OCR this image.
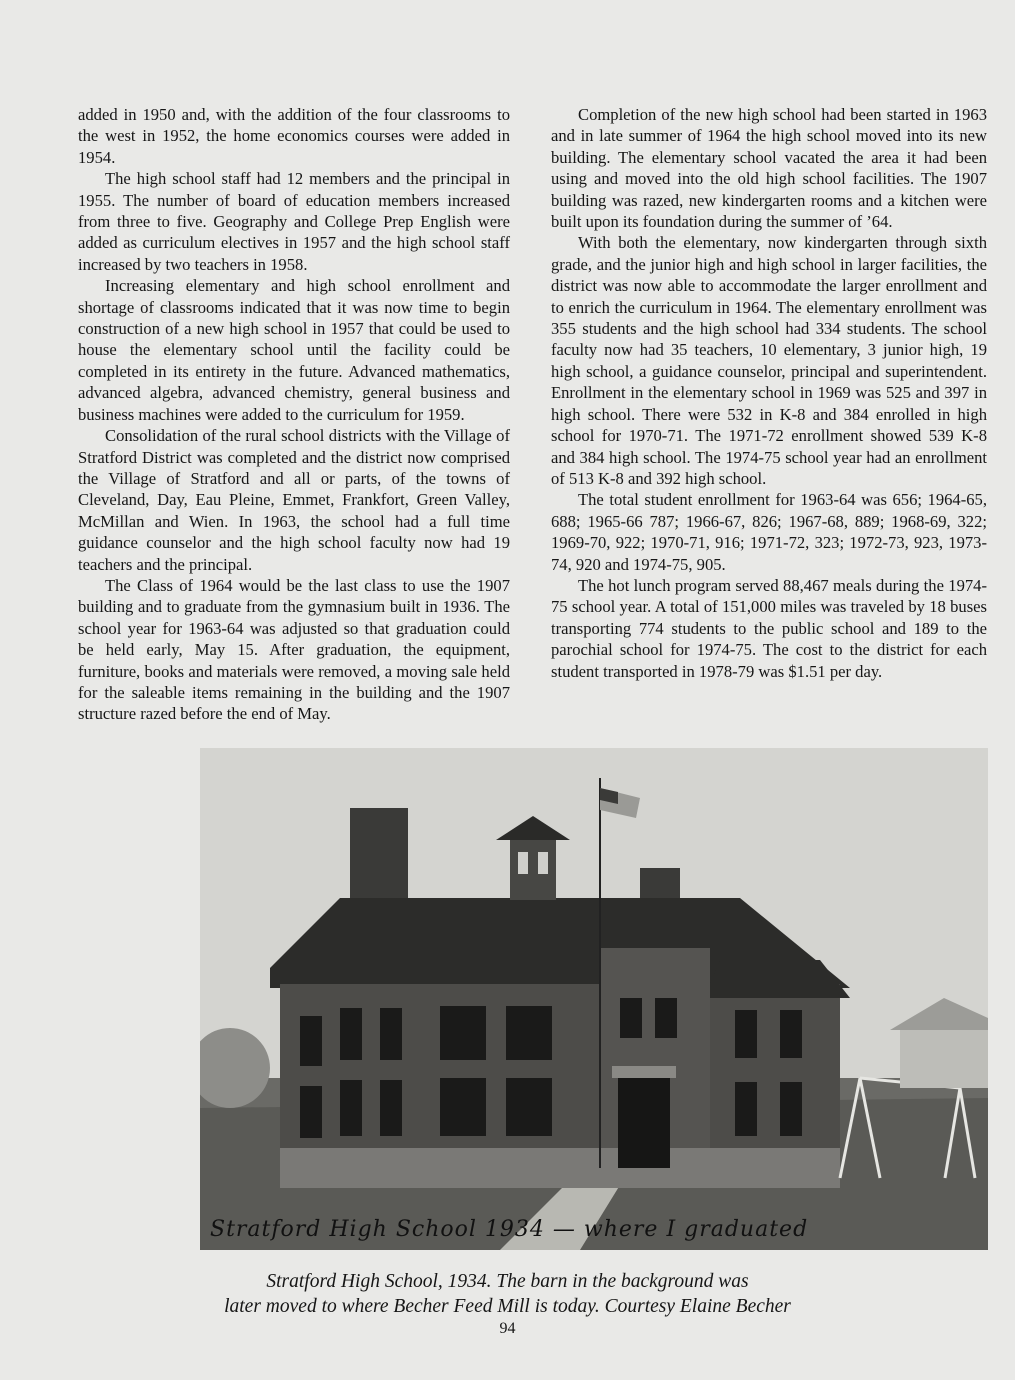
added in 1950 and, with the addition of the four classrooms to the west in 1952, the home economics courses were added in 1954.

The high school staff had 12 members and the principal in 1955. The number of board of education members increased from three to five. Geography and College Prep English were added as curriculum electives in 1957 and the high school staff increased by two teachers in 1958.

Increasing elementary and high school enrollment and shortage of classrooms indicated that it was now time to begin construction of a new high school in 1957 that could be used to house the elementary school until the facility could be completed in its entirety in the future. Advanced mathematics, advanced algebra, advanced chemistry, general business and business machines were added to the curriculum for 1959.

Consolidation of the rural school districts with the Village of Stratford District was completed and the district now comprised the Village of Stratford and all or parts, of the towns of Cleveland, Day, Eau Pleine, Emmet, Frankfort, Green Valley, McMillan and Wien. In 1963, the school had a full time guidance counselor and the high school faculty now had 19 teachers and the principal.

The Class of 1964 would be the last class to use the 1907 building and to graduate from the gymnasium built in 1936. The school year for 1963-64 was adjusted so that graduation could be held early, May 15. After graduation, the equipment, furniture, books and materials were removed, a moving sale held for the saleable items remaining in the building and the 1907 structure razed before the end of May.

Completion of the new high school had been started in 1963 and in late summer of 1964 the high school moved into its new building. The elementary school vacated the area it had been using and moved into the old high school facilities. The 1907 building was razed, new kindergarten rooms and a kitchen were built upon its foundation during the summer of ’64.

With both the elementary, now kindergarten through sixth grade, and the junior high and high school in larger facilities, the district was now able to accommodate the larger enrollment and to enrich the curriculum in 1964. The elementary enrollment was 355 students and the high school had 334 students. The school faculty now had 35 teachers, 10 elementary, 3 junior high, 19 high school, a guidance counselor, principal and superintendent. Enrollment in the elementary school in 1969 was 525 and 397 in high school. There were 532 in K-8 and 384 enrolled in high school for 1970-71. The 1971-72 enrollment showed 539 K-8 and 384 high school. The 1974-75 school year had an enrollment of 513 K-8 and 392 high school.

The total student enrollment for 1963-64 was 656; 1964-65, 688; 1965-66 787; 1966-67, 826; 1967-68, 889; 1968-69, 322; 1969-70, 922; 1970-71, 916; 1971-72, 323; 1972-73, 923, 1973-74, 920 and 1974-75, 905.

The hot lunch program served 88,467 meals during the 1974-75 school year. A total of 151,000 miles was traveled by 18 buses transporting 774 students to the public school and 189 to the parochial school for 1974-75. The cost to the district for each student transported in 1978-79 was $1.51 per day.

Stratford High School 1934 — where I graduated
Stratford High School, 1934. The barn in the background was
later moved to where Becher Feed Mill is today. Courtesy Elaine Becher
94
